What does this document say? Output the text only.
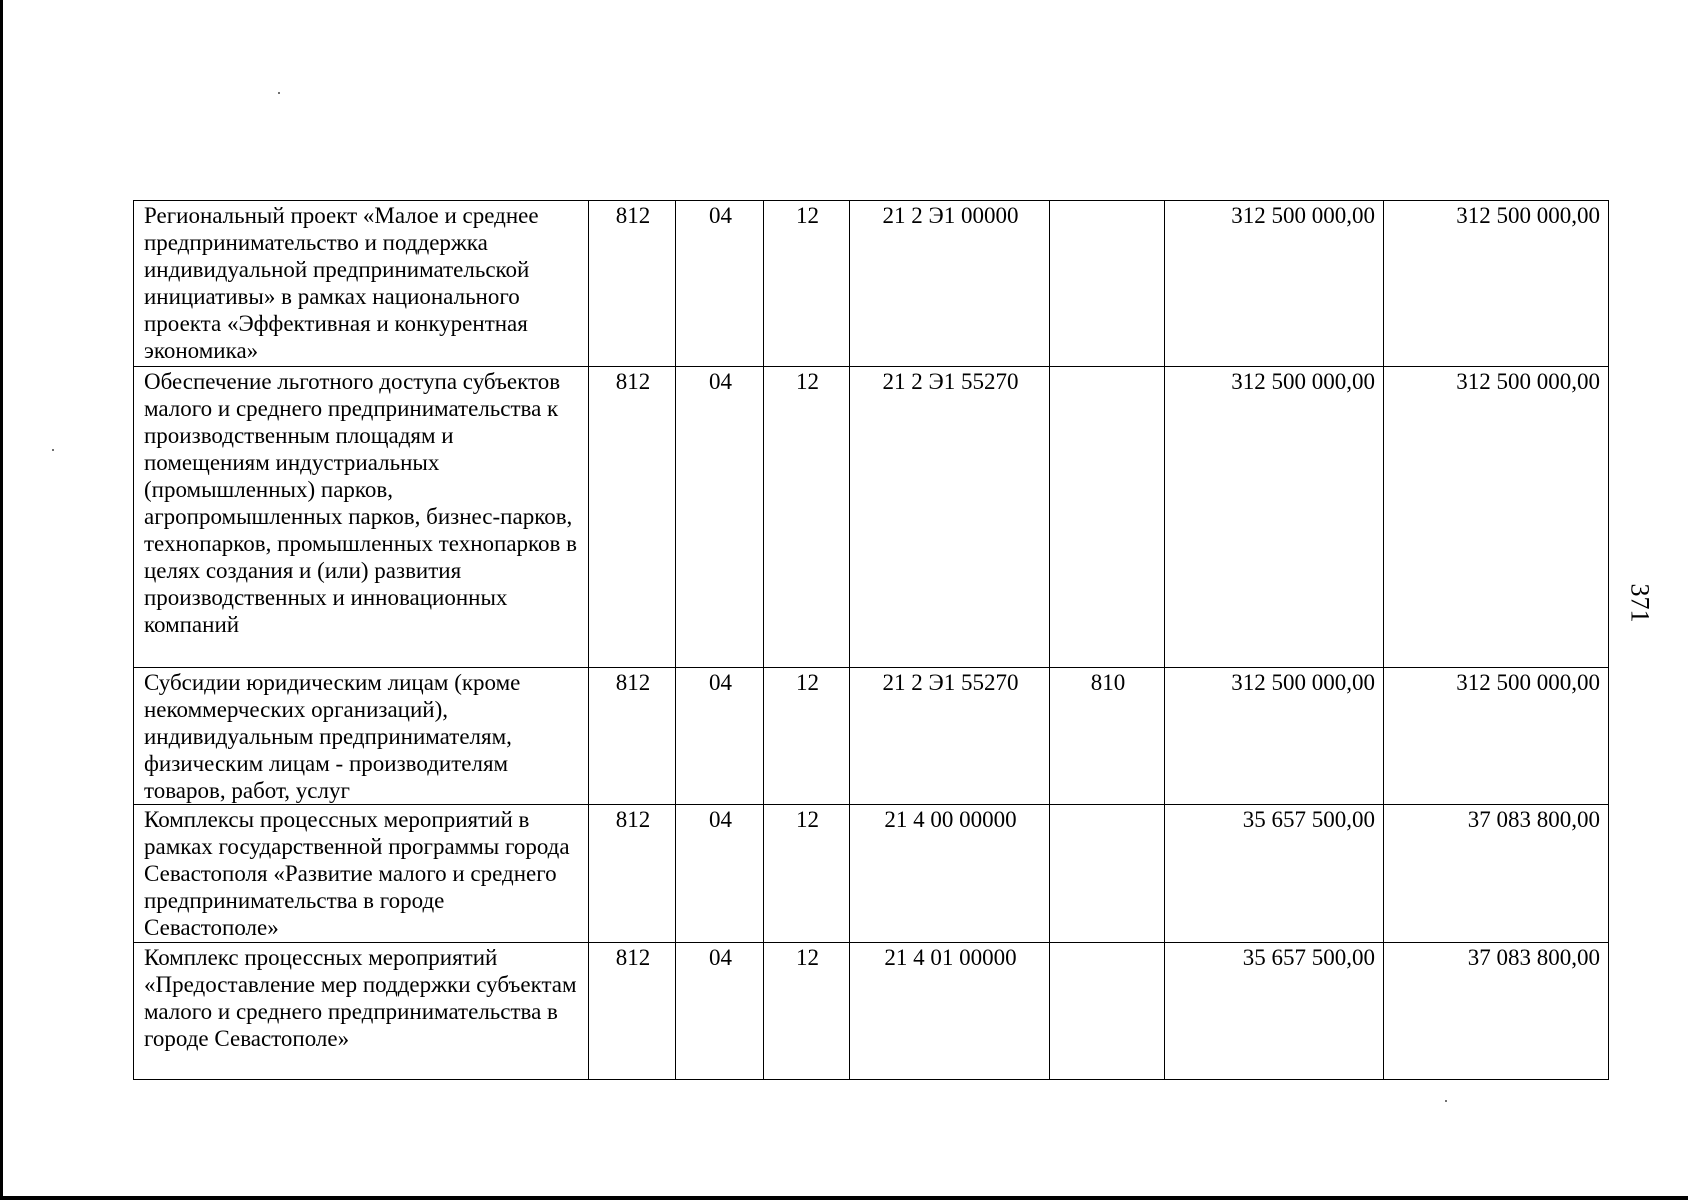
Региональный проект «Малое и среднее предпринимательство и поддержка индивидуальной предпринимательской инициативы» в рамках национального проекта «Эффективная и конкурентная экономика»	812	04	12	21 2 Э1 00000		312 500 000,00	312 500 000,00
Обеспечение льготного доступа субъектов малого и среднего предпринимательства к производственным площадям и помещениям индустриальных (промышленных) парков, агропромышленных парков, бизнес-парков, технопарков, промышленных технопарков в целях создания и (или) развития производственных и инновационных компаний	812	04	12	21 2 Э1 55270		312 500 000,00	312 500 000,00
Субсидии юридическим лицам (кроме некоммерческих организаций), индивидуальным предпринимателям, физическим лицам - производителям товаров, работ, услуг	812	04	12	21 2 Э1 55270	810	312 500 000,00	312 500 000,00
Комплексы процессных мероприятий в рамках государственной программы города Севастополя «Развитие малого и среднего предпринимательства в городе Севастополе»	812	04	12	21 4 00 00000		35 657 500,00	37 083 800,00
Комплекс процессных мероприятий «Предоставление мер поддержки субъектам малого и среднего предпринимательства в городе Севастополе»	812	04	12	21 4 01 00000		35 657 500,00	37 083 800,00
371
